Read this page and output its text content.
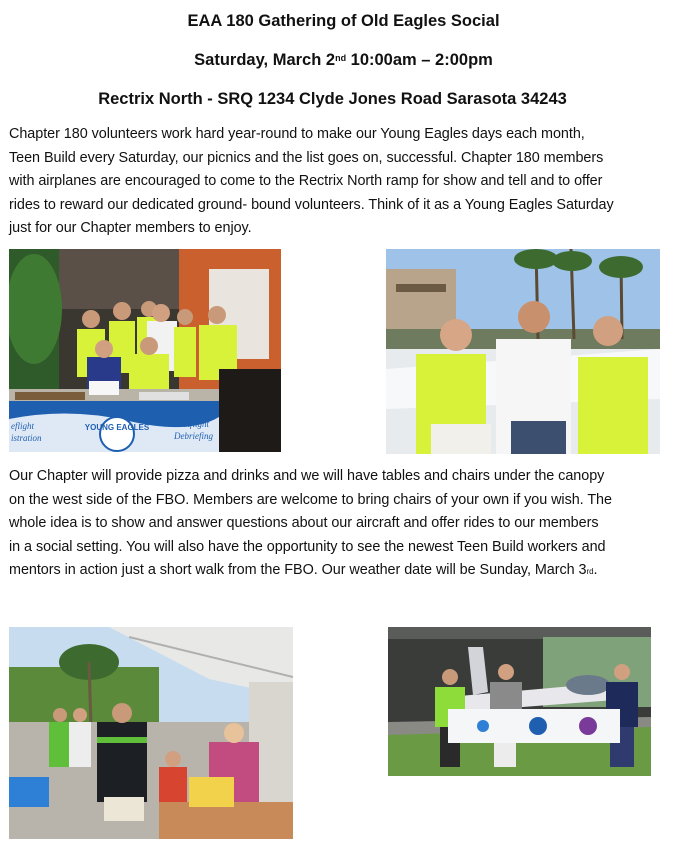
EAA 180 Gathering of Old Eagles Social
Saturday, March 2nd 10:00am – 2:00pm
Rectrix North - SRQ 1234 Clyde Jones Road Sarasota 34243
Chapter 180 volunteers work hard year-round to make our Young Eagles days each month,
Teen Build every Saturday, our picnics and the list goes on, successful. Chapter 180 members
with airplanes are encouraged to come to the Rectrix North ramp for show and tell and to offer
rides to reward our dedicated ground- bound volunteers. Think of it as a Young Eagles Saturday
just for our Chapter members to enjoy.
YOUNG EAGLES
eflight
istration
Postflight
Debriefing
Our Chapter will provide pizza and drinks and we will have tables and chairs under the canopy
on the west side of the FBO. Members are welcome to bring chairs of your own if you wish. The
whole idea is to show and answer questions about our aircraft and offer rides to our members
in a social setting. You will also have the opportunity to see the newest Teen Build workers and
mentors in action just a short walk from the FBO. Our weather date will be Sunday, March 3rd.
